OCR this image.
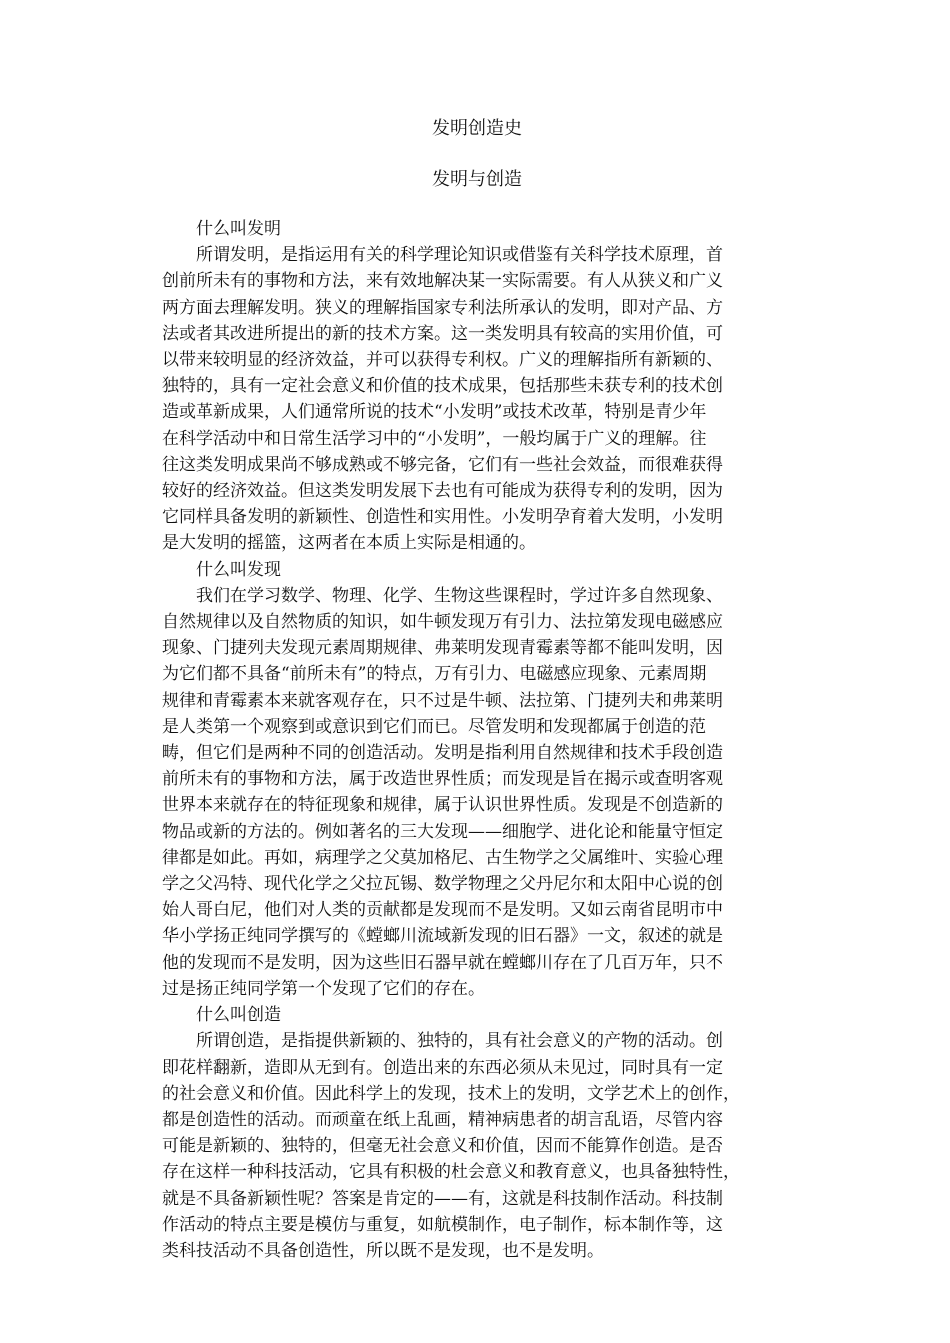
发明创造史
发明与创造
什么叫发明
所谓发明，是指运用有关的科学理论知识或借鉴有关科学技术原理，首
创前所未有的事物和方法，来有效地解决某一实际需要。有人从狭义和广义
两方面去理解发明。狭义的理解指国家专利法所承认的发明，即对产品、方
法或者其改进所提出的新的技术方案。这一类发明具有较高的实用价值，可
以带来较明显的经济效益，并可以获得专利权。广义的理解指所有新颖的、
独特的，具有一定社会意义和价值的技术成果，包括那些未获专利的技术创
造或革新成果，人们通常所说的技术“小发明”或技术改革，特别是青少年
在科学活动中和日常生活学习中的“小发明”，一般均属于广义的理解。往
往这类发明成果尚不够成熟或不够完备，它们有一些社会效益，而很难获得
较好的经济效益。但这类发明发展下去也有可能成为获得专利的发明，因为
它同样具备发明的新颖性、创造性和实用性。小发明孕育着大发明，小发明
是大发明的摇篮，这两者在本质上实际是相通的。
什么叫发现
我们在学习数学、物理、化学、生物这些课程时，学过许多自然现象、
自然规律以及自然物质的知识，如牛顿发现万有引力、法拉第发现电磁感应
现象、门捷列夫发现元素周期规律、弗莱明发现青霉素等都不能叫发明，因
为它们都不具备“前所未有”的特点，万有引力、电磁感应现象、元素周期
规律和青霉素本来就客观存在，只不过是牛顿、法拉第、门捷列夫和弗莱明
是人类第一个观察到或意识到它们而已。尽管发明和发现都属于创造的范
畴，但它们是两种不同的创造活动。发明是指利用自然规律和技术手段创造
前所未有的事物和方法，属于改造世界性质；而发现是旨在揭示或查明客观
世界本来就存在的特征现象和规律，属于认识世界性质。发现是不创造新的
物品或新的方法的。例如著名的三大发现——细胞学、进化论和能量守恒定
律都是如此。再如，病理学之父莫加格尼、古生物学之父属维叶、实验心理
学之父冯特、现代化学之父拉瓦锡、数学物理之父丹尼尔和太阳中心说的创
始人哥白尼，他们对人类的贡献都是发现而不是发明。又如云南省昆明市中
华小学扬正纯同学撰写的《螳螂川流域新发现的旧石器》一文，叙述的就是
他的发现而不是发明，因为这些旧石器早就在螳螂川存在了几百万年，只不
过是扬正纯同学第一个发现了它们的存在。
什么叫创造
所谓创造，是指提供新颖的、独特的，具有社会意义的产物的活动。创
即花样翻新，造即从无到有。创造出来的东西必须从未见过，同时具有一定
的社会意义和价值。因此科学上的发现，技术上的发明，文学艺术上的创作，
都是创造性的活动。而顽童在纸上乱画，精神病患者的胡言乱语，尽管内容
可能是新颖的、独特的，但毫无社会意义和价值，因而不能算作创造。是否
存在这样一种科技活动，它具有积极的杜会意义和教育意义，也具备独特性，
就是不具备新颖性呢？答案是肯定的——有，这就是科技制作活动。科技制
作活动的特点主要是模仿与重复，如航模制作，电子制作，标本制作等，这
类科技活动不具备创造性，所以既不是发现，也不是发明。
